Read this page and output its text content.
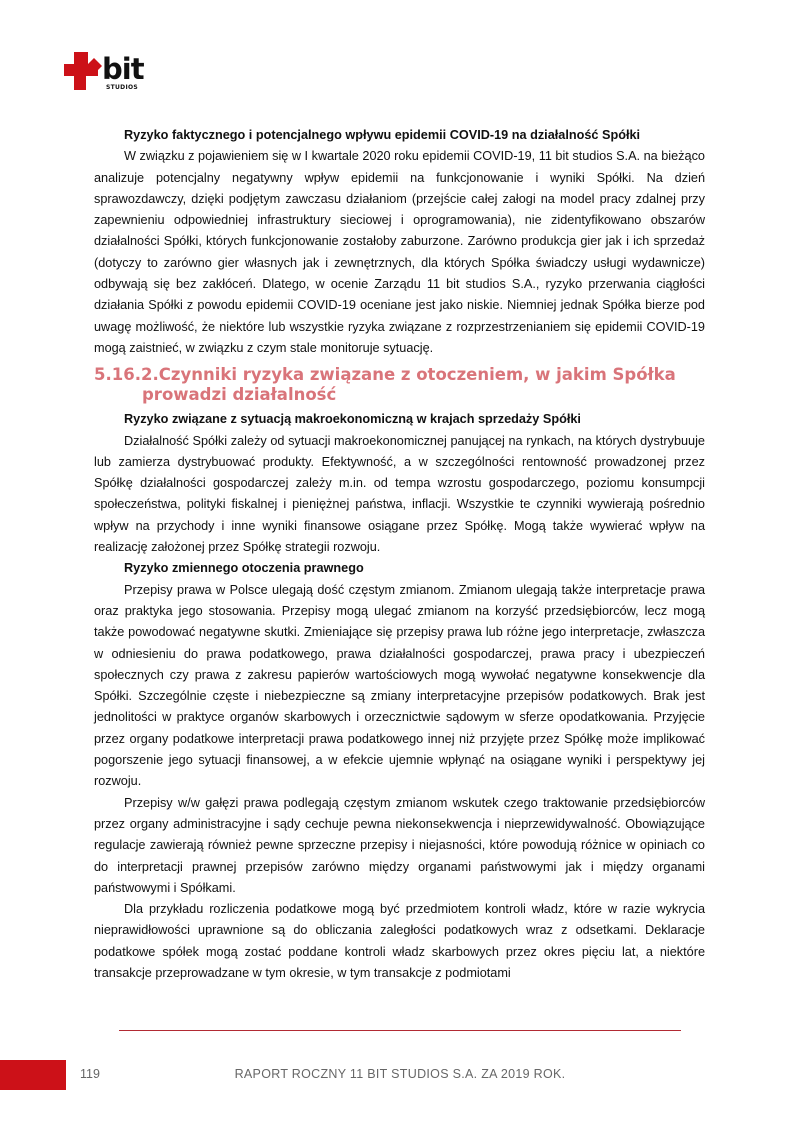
bit
STUDIOS
Ryzyko faktycznego i potencjalnego wpływu epidemii COVID-19 na działalność Spółki

W związku z pojawieniem się w I kwartale 2020 roku epidemii COVID-19, 11 bit studios S.A. na bieżąco analizuje potencjalny negatywny wpływ epidemii na funkcjonowanie i wyniki Spółki. Na dzień sprawozdawczy, dzięki podjętym zawczasu działaniom (przejście całej załogi na model pracy zdalnej przy zapewnieniu odpowiedniej infrastruktury sieciowej i oprogramowania), nie zidentyfikowano obszarów działalności Spółki, których funkcjonowanie zostałoby zaburzone. Zarówno produkcja gier jak i ich sprzedaż (dotyczy to zarówno gier własnych jak i zewnętrznych, dla których Spółka świadczy usługi wydawnicze) odbywają się bez zakłóceń. Dlatego, w ocenie Zarządu 11 bit studios S.A., ryzyko przerwania ciągłości działania Spółki z powodu epidemii COVID-19 oceniane jest jako niskie. Niemniej jednak Spółka bierze pod uwagę możliwość, że niektóre lub wszystkie ryzyka związane z rozprzestrzenianiem się epidemii COVID-19 mogą zaistnieć, w związku z czym stale monitoruje sytuację.

5.16.2.Czynniki ryzyka związane z otoczeniem, w jakim Spółka prowadzi działalność
Ryzyko związane z sytuacją makroekonomiczną w krajach sprzedaży Spółki

Działalność Spółki zależy od sytuacji makroekonomicznej panującej na rynkach, na których dystrybuuje lub zamierza dystrybuować produkty. Efektywność, a w szczególności rentowność prowadzonej przez Spółkę działalności gospodarczej zależy m.in. od tempa wzrostu gospodarczego, poziomu konsumpcji społeczeństwa, polityki fiskalnej i pieniężnej państwa, inflacji. Wszystkie te czynniki wywierają pośrednio wpływ na przychody i inne wyniki finansowe osiągane przez Spółkę. Mogą także wywierać wpływ na realizację założonej przez Spółkę strategii rozwoju.

Ryzyko zmiennego otoczenia prawnego

Przepisy prawa w Polsce ulegają dość częstym zmianom. Zmianom ulegają także interpretacje prawa oraz praktyka jego stosowania. Przepisy mogą ulegać zmianom na korzyść przedsiębiorców, lecz mogą także powodować negatywne skutki. Zmieniające się przepisy prawa lub różne jego interpretacje, zwłaszcza w odniesieniu do prawa podatkowego, prawa działalności gospodarczej, prawa pracy i ubezpieczeń społecznych czy prawa z zakresu papierów wartościowych mogą wywołać negatywne konsekwencje dla Spółki. Szczególnie częste i niebezpieczne są zmiany interpretacyjne przepisów podatkowych. Brak jest jednolitości w praktyce organów skarbowych i orzecznictwie sądowym w sferze opodatkowania. Przyjęcie przez organy podatkowe interpretacji prawa podatkowego innej niż przyjęte przez Spółkę może implikować pogorszenie jego sytuacji finansowej, a w efekcie ujemnie wpłynąć na osiągane wyniki i perspektywy jej rozwoju.

Przepisy w/w gałęzi prawa podlegają częstym zmianom wskutek czego traktowanie przedsiębiorców przez organy administracyjne i sądy cechuje pewna niekonsekwencja i nieprzewidywalność. Obowiązujące regulacje zawierają również pewne sprzeczne przepisy i niejasności, które powodują różnice w opiniach co do interpretacji prawnej przepisów zarówno między organami państwowymi jak i między organami państwowymi i Spółkami.

Dla przykładu rozliczenia podatkowe mogą być przedmiotem kontroli władz, które w razie wykrycia nieprawidłowości uprawnione są do obliczania zaległości podatkowych wraz z odsetkami. Deklaracje podatkowe spółek mogą zostać poddane kontroli władz skarbowych przez okres pięciu lat, a niektóre transakcje przeprowadzane w tym okresie, w tym transakcje z podmiotami

119	RAPORT ROCZNY 11 BIT STUDIOS S.A. ZA 2019 ROK.
